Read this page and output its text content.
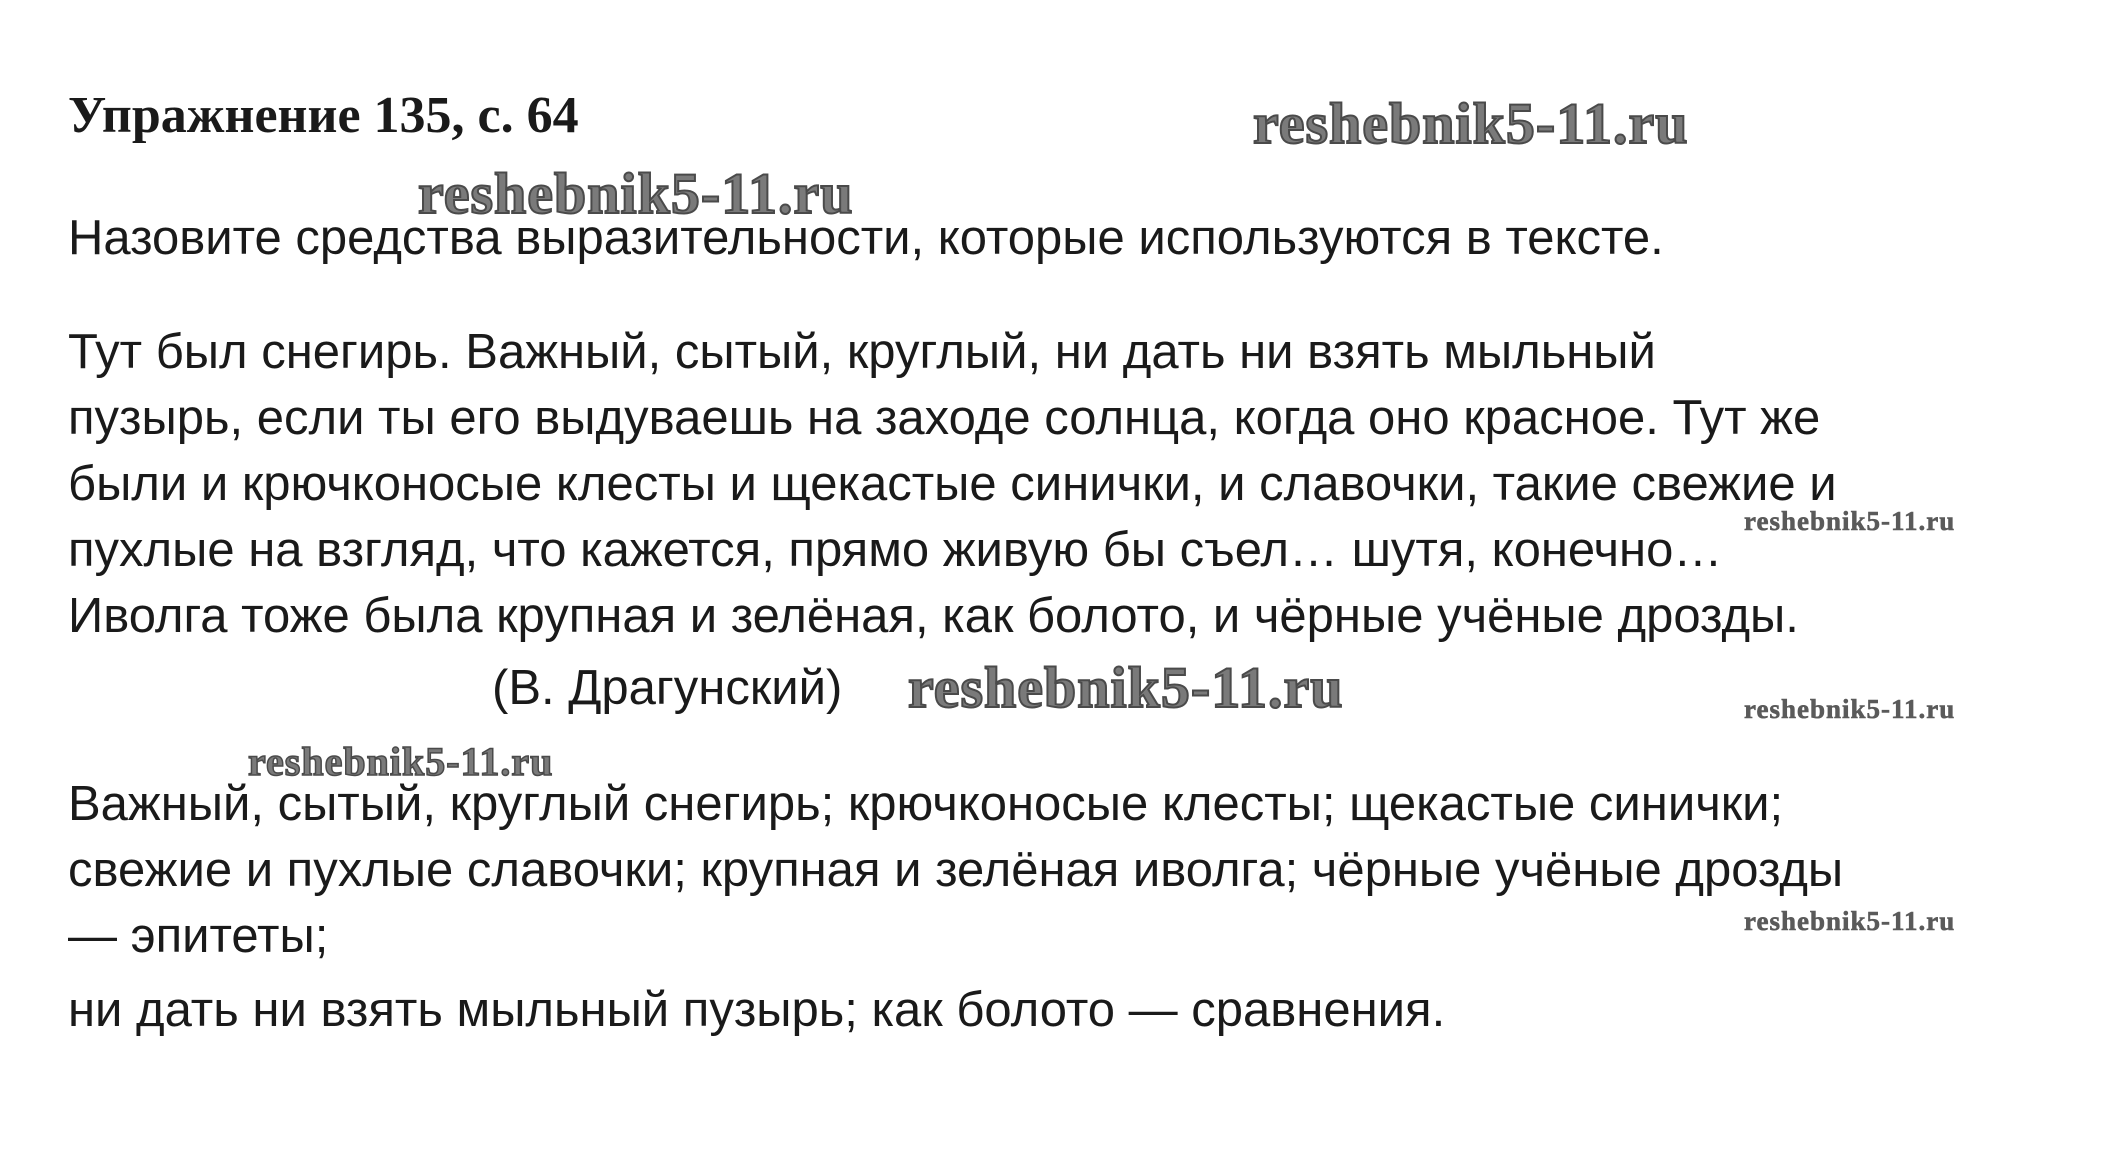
Упражнение 135, с. 64	reshebnik5-11.ru
reshebnik5-11.ru

Назовите средства выразительности, которые используются в тексте.

Тут был снегирь. Важный, сытый, круглый, ни дать ни взять мыльный

пузырь, если ты его выдуваешь на заходе солнца, когда оно красное. Тут же

были и крючконосые клесты и щекастые синички, и славочки, такие свежие и

reshebnik5-11.ru

пухлые на взгляд, что кажется, прямо живую бы съел… шутя, конечно…

Иволга тоже была крупная и зелёная, как болото, и чёрные учёные дрозды.

(В. Драгунский) reshebnik5-11.ru	reshebnik5-11.ru
reshebnik5-11.ru

Важный, сытый, круглый снегирь; крючконосые клесты; щекастые синички;

свежие и пухлые славочки; крупная и зелёная иволга; чёрные учёные дрозды

reshebnik5-11.ru

— эпитеты;

ни дать ни взять мыльный пузырь; как болото — сравнения.
